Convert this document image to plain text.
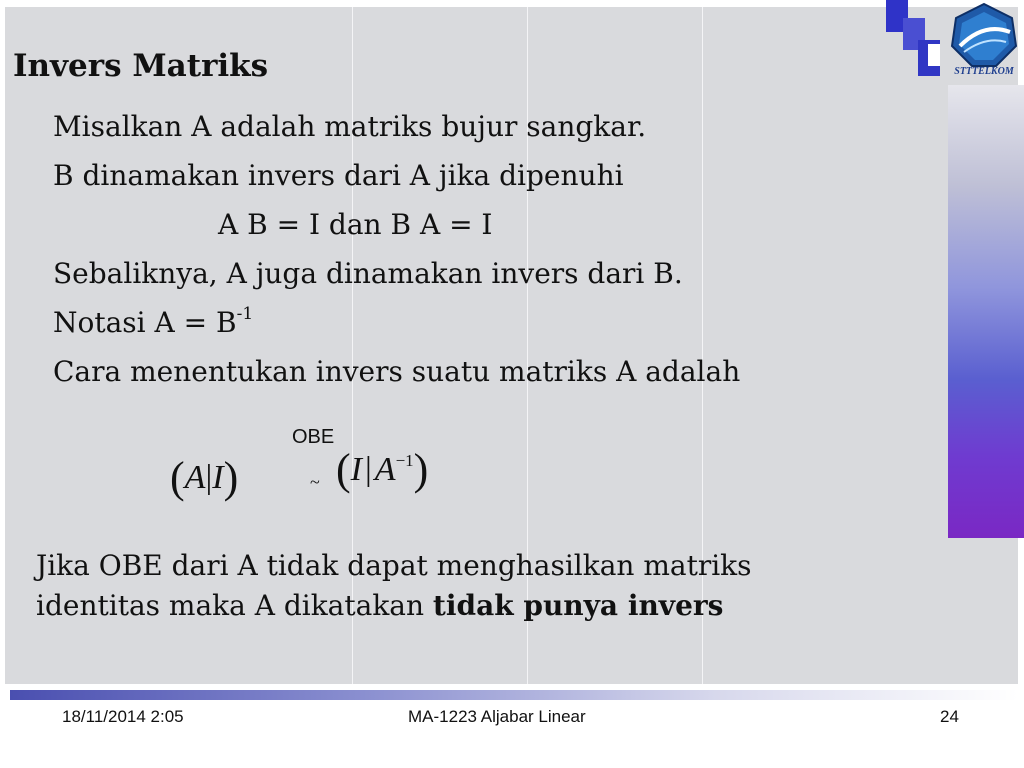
STTTELKOM
Invers Matriks
Misalkan A adalah matriks bujur sangkar.
B dinamakan invers dari A jika dipenuhi
A B = I dan B A = I
Sebaliknya, A juga dinamakan invers dari B.
Notasi $A = B^{-1}$
Cara menentukan invers suatu matriks A adalah
OBE
(A|I)	~ $(I|A^{-1})$
Jika OBE dari A tidak dapat menghasilkan matriks
identitas maka A dikatakan tidak punya invers
18/11/2014 2:05	MA-1223 Aljabar Linear	24
